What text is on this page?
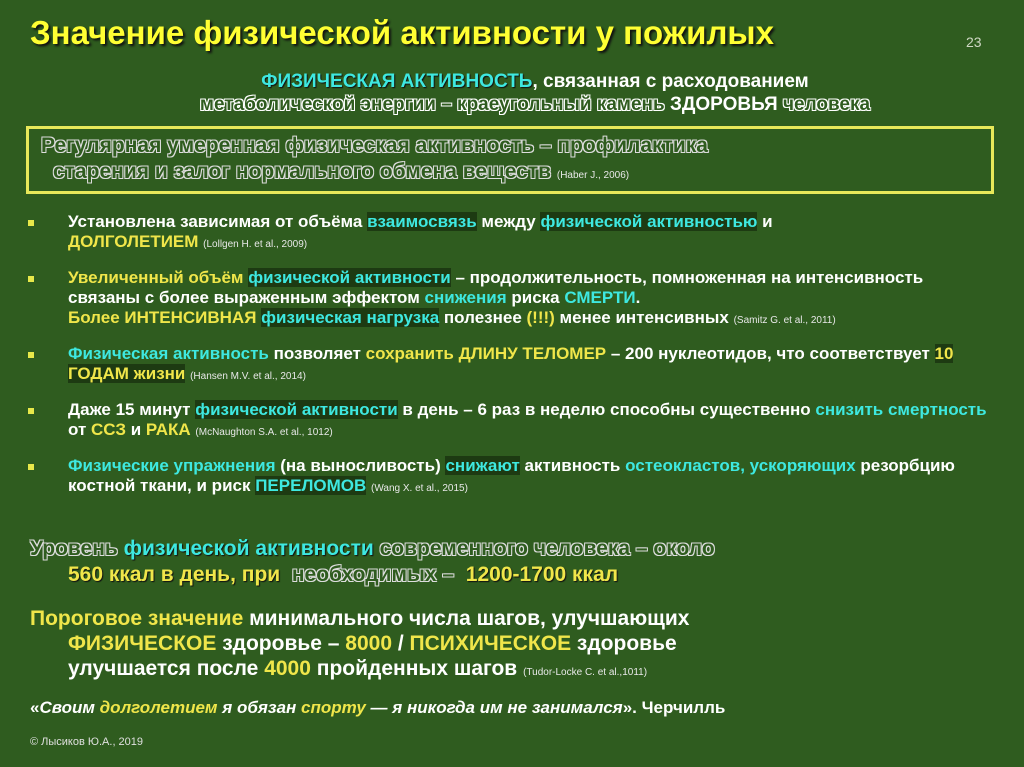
Значение физической активности у пожилых	23
ФИЗИЧЕСКАЯ АКТИВНОСТЬ, связанная с расходованием
метаболической энергии – краеугольный камень ЗДОРОВЬЯ человека
Регулярная умеренная физическая активность – профилактика
старения и залог нормального обмена веществ (Haber J., 2006)
Установлена зависимая от объёма взаимосвязь между физической активностью и
ДОЛГОЛЕТИЕМ (Lollgen H. et al., 2009)
Увеличенный объём физической активности – продолжительность, помноженная на интенсивность связаны с более выраженным эффектом снижения риска СМЕРТИ.
Более ИНТЕНСИВНАЯ физическая нагрузка полезнее (!!!) менее интенсивных (Samitz G. et al., 2011)
Физическая активность позволяет сохранить ДЛИНУ ТЕЛОМЕР – 200 нуклеотидов, что соответствует 10 ГОДАМ жизни (Hansen M.V. et al., 2014)
Даже 15 минут физической активности в день – 6 раз в неделю способны существенно снизить смертность от ССЗ и РАКА (McNaughton S.A. et al., 1012)
Физические упражнения (на выносливость) снижают активность остеокластов, ускоряющих резорбцию костной ткани, и риск ПЕРЕЛОМОВ (Wang X. et al., 2015)
Уровень физической активности современного человека – около
560 ккал в день, при необходимых – 1200-1700 ккал
Пороговое значение минимального числа шагов, улучшающих
ФИЗИЧЕСКОЕ здоровье – 8000 / ПСИХИЧЕСКОЕ здоровье
улучшается после 4000 пройденных шагов (Tudor-Locke C. et al.,1011)
«Своим долголетием я обязан спорту — я никогда им не занимался». Черчилль
© Лысиков Ю.А., 2019
